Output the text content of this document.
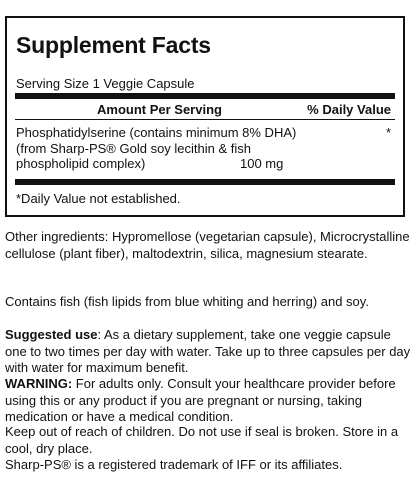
Supplement Facts
Serving Size 1 Veggie Capsule
Amount Per Serving	% Daily Value
Phosphatidylserine (contains minimum 8% DHA)
(from Sharp-PS® Gold soy lecithin & fish
phospholipid complex)	100 mg
*
*Daily Value not established.

Other ingredients: Hypromellose (vegetarian capsule), Microcrystalline cellulose (plant fiber), maltodextrin, silica, magnesium stearate.

Contains fish (fish lipids from blue whiting and herring) and soy.

Suggested use: As a dietary supplement, take one veggie capsule one to two times per day with water. Take up to three capsules per day with water for maximum benefit.

WARNING: For adults only. Consult your healthcare provider before using this or any product if you are pregnant or nursing, taking medication or have a medical condition.

Keep out of reach of children. Do not use if seal is broken. Store in a cool, dry place.

Sharp-PS® is a registered trademark of IFF or its affiliates.
